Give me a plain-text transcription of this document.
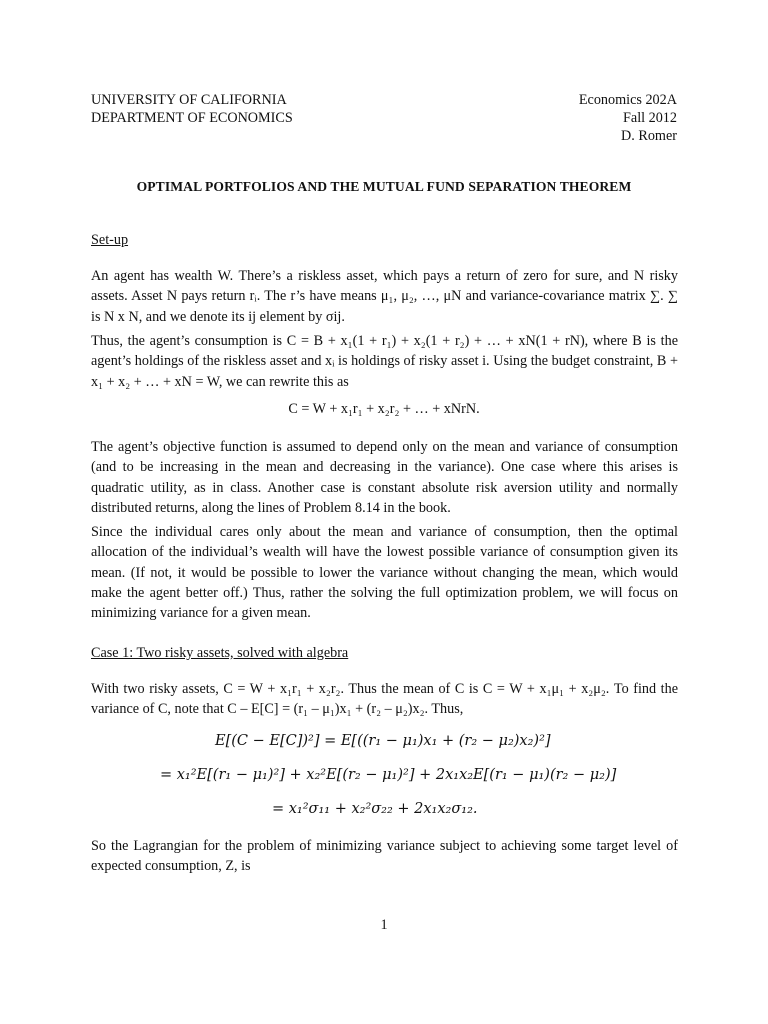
UNIVERSITY OF CALIFORNIA
DEPARTMENT OF ECONOMICS
Economics 202A
Fall 2012
D. Romer
OPTIMAL PORTFOLIOS AND THE MUTUAL FUND SEPARATION THEOREM
Set-up
An agent has wealth W. There’s a riskless asset, which pays a return of zero for sure, and N risky assets. Asset N pays return rᵢ. The r’s have means μ₁, μ₂, …, μN and variance-covariance matrix ∑. ∑ is N x N, and we denote its ij element by σij.
Thus, the agent’s consumption is C = B + x₁(1 + r₁) + x₂(1 + r₂) + … + xN(1 + rN), where B is the agent’s holdings of the riskless asset and xᵢ is holdings of risky asset i. Using the budget constraint, B + x₁ + x₂ + … + xN = W, we can rewrite this as
C = W + x₁r₁ + x₂r₂ + … + xNrN.
The agent’s objective function is assumed to depend only on the mean and variance of consumption (and to be increasing in the mean and decreasing in the variance). One case where this arises is quadratic utility, as in class. Another case is constant absolute risk aversion utility and normally distributed returns, along the lines of Problem 8.14 in the book.
Since the individual cares only about the mean and variance of consumption, then the optimal allocation of the individual’s wealth will have the lowest possible variance of consumption given its mean. (If not, it would be possible to lower the variance without changing the mean, which would make the agent better off.) Thus, rather the solving the full optimization problem, we will focus on minimizing variance for a given mean.
Case 1: Two risky assets, solved with algebra
With two risky assets, C = W + x₁r₁ + x₂r₂. Thus the mean of C is C = W + x₁μ₁ + x₂μ₂. To find the variance of C, note that C – E[C] = (r₁ – μ₁)x₁ + (r₂ – μ₂)x₂. Thus,
E[(C − E[C])²] = E[((r₁ − μ₁)x₁ + (r₂ − μ₂)x₂)²]
= x₁²E[(r₁ − μ₁)²] + x₂²E[(r₂ − μ₁)²] + 2x₁x₂E[(r₁ − μ₁)(r₂ − μ₂)]
= x₁²σ₁₁ + x₂²σ₂₂ + 2x₁x₂σ₁₂.
So the Lagrangian for the problem of minimizing variance subject to achieving some target level of expected consumption, Z, is
1
